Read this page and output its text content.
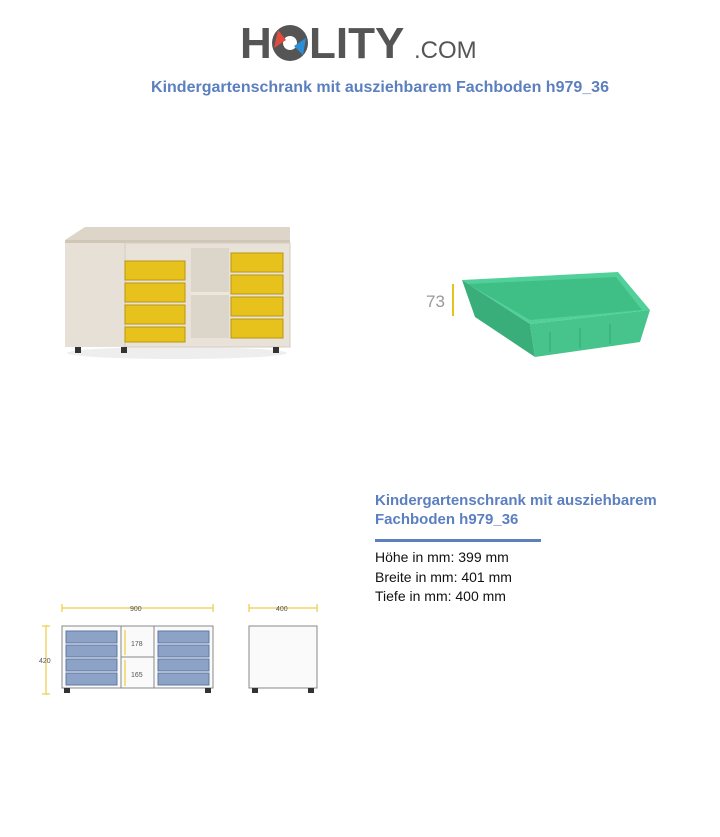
H LITY .COM
Kindergartenschrank mit ausziehbarem Fachboden h979_36
73
900
420
178
165
400
Kindergartenschrank mit ausziehbarem
Fachboden h979_36
Höhe in mm: 399 mm
Breite in mm: 401 mm
Tiefe in mm: 400 mm
